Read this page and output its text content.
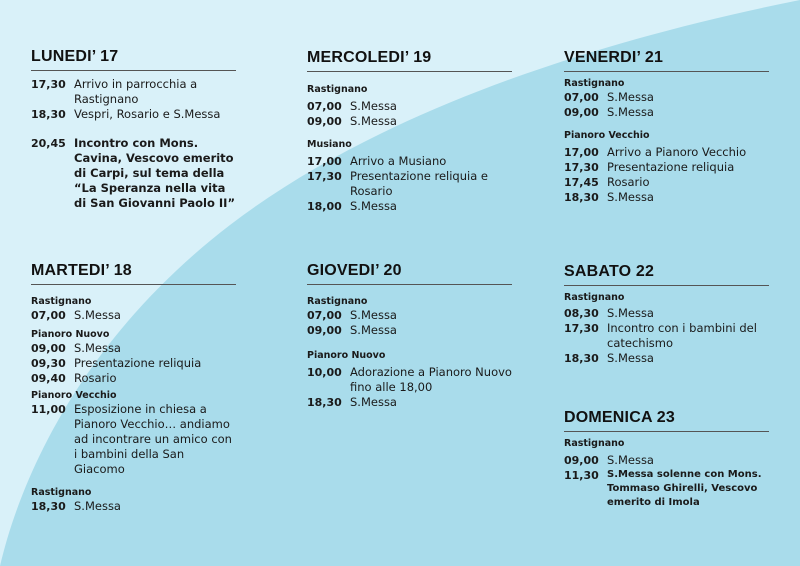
LUNEDI’ 17
17,30 Arrivo in parrocchia a Rastignano
18,30 Vespri, Rosario e S.Messa
20,45 Incontro con Mons. Cavina, Vescovo emerito di Carpi, sul tema della “La Speranza nella vita di San Giovanni Paolo II”
MARTEDI’ 18
Rastignano
07,00 S.Messa
Pianoro Nuovo
09,00 S.Messa
09,30 Presentazione reliquia
09,40 Rosario
Pianoro Vecchio
11,00 Esposizione in chiesa a Pianoro Vecchio… andiamo ad incontrare un amico con i bambini della San Giacomo
Rastignano
18,30 S.Messa
MERCOLEDI’ 19
Rastignano
07,00 S.Messa
09,00 S.Messa
Musiano
17,00 Arrivo a Musiano
17,30 Presentazione reliquia e Rosario
18,00 S.Messa
GIOVEDI’ 20
Rastignano
07,00 S.Messa
09,00 S.Messa
Pianoro Nuovo
10,00 Adorazione a Pianoro Nuovo fino alle 18,00
18,30 S.Messa
VENERDI’ 21
Rastignano
07,00 S.Messa
09,00 S.Messa
Pianoro Vecchio
17,00 Arrivo a Pianoro Vecchio
17,30 Presentazione reliquia
17,45 Rosario
18,30 S.Messa
SABATO 22
Rastignano
08,30 S.Messa
17,30 Incontro con i bambini del catechismo
18,30 S.Messa
DOMENICA 23
Rastignano
09,00 S.Messa
11,30 S.Messa solenne con Mons. Tommaso Ghirelli, Vescovo emerito di Imola
